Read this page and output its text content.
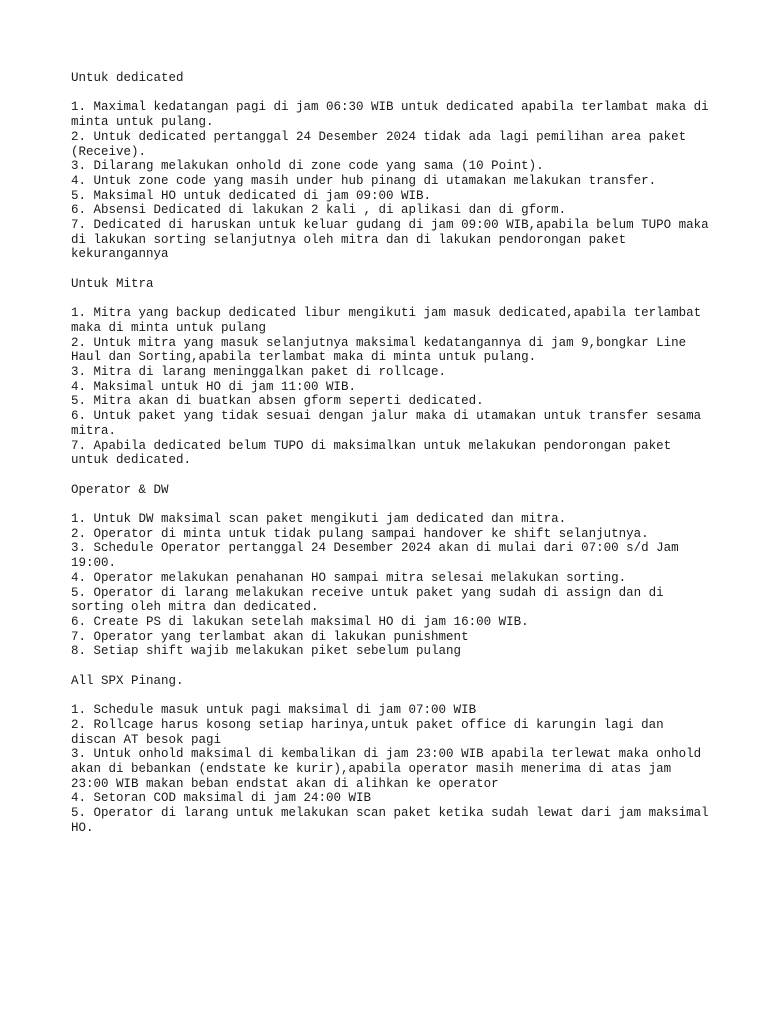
Untuk dedicated

1. Maximal kedatangan pagi di jam 06:30 WIB untuk dedicated apabila terlambat maka di minta untuk pulang.
2. Untuk dedicated pertanggal 24 Desember 2024 tidak ada lagi pemilihan area paket (Receive).
3. Dilarang melakukan onhold di zone code yang sama (10 Point).
4. Untuk zone code yang masih under hub pinang di utamakan melakukan transfer.
5. Maksimal HO untuk dedicated di jam 09:00 WIB.
6. Absensi Dedicated di lakukan 2 kali , di aplikasi dan di gform.
7. Dedicated di haruskan untuk keluar gudang di jam 09:00 WIB,apabila belum TUPO maka di lakukan sorting selanjutnya oleh mitra dan di lakukan pendorongan paket kekurangannya

Untuk Mitra

1. Mitra yang backup dedicated libur mengikuti jam masuk dedicated,apabila terlambat maka di minta untuk pulang
2. Untuk mitra yang masuk selanjutnya maksimal kedatangannya di jam 9,bongkar Line Haul dan Sorting,apabila terlambat maka di minta untuk pulang.
3. Mitra di larang meninggalkan paket di rollcage.
4. Maksimal untuk HO di jam 11:00 WIB.
5. Mitra akan di buatkan absen gform seperti dedicated.
6. Untuk paket yang tidak sesuai dengan jalur maka di utamakan untuk transfer sesama mitra.
7. Apabila dedicated belum TUPO di maksimalkan untuk melakukan pendorongan paket untuk dedicated.

Operator & DW

1. Untuk DW maksimal scan paket mengikuti jam dedicated dan mitra.
2. Operator di minta untuk tidak pulang sampai handover ke shift selanjutnya.
3. Schedule Operator pertanggal 24 Desember 2024 akan di mulai dari 07:00 s/d Jam 19:00.
4. Operator melakukan penahanan HO sampai mitra selesai melakukan sorting.
5. Operator di larang melakukan receive untuk paket yang sudah di assign dan di sorting oleh mitra dan dedicated.
6. Create PS di lakukan setelah maksimal HO di jam 16:00 WIB.
7. Operator yang terlambat akan di lakukan punishment
8. Setiap shift wajib melakukan piket sebelum pulang

All SPX Pinang.

1. Schedule masuk untuk pagi maksimal di jam 07:00 WIB
2. Rollcage harus kosong setiap harinya,untuk paket office di karungin lagi dan discan AT besok pagi
3. Untuk onhold maksimal di kembalikan di jam 23:00 WIB apabila terlewat maka onhold akan di bebankan (endstate ke kurir),apabila operator masih menerima di atas jam 23:00 WIB makan beban endstat akan di alihkan ke operator
4. Setoran COD maksimal di jam 24:00 WIB
5. Operator di larang untuk melakukan scan paket ketika sudah lewat dari jam maksimal HO.
